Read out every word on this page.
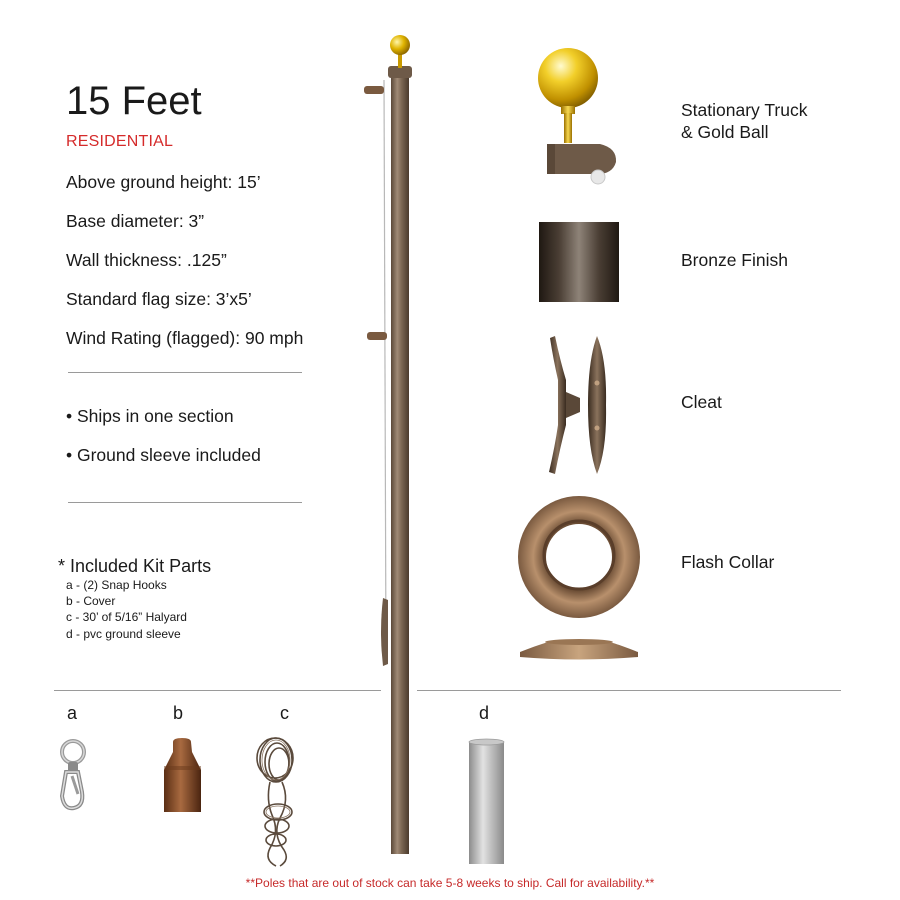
15 Feet
RESIDENTIAL
Above ground height: 15’
Base diameter: 3”
Wall thickness: .125”
Standard flag size: 3’x5’
Wind Rating (flagged): 90 mph
• Ships in one section
• Ground sleeve included
* Included Kit Parts
a - (2) Snap Hooks
b - Cover
c - 30’ of 5/16” Halyard
d - pvc ground sleeve
Stationary Truck
& Gold Ball
Bronze Finish
Cleat
Flash Collar
a	b	c	d
**Poles that are out of stock can take 5-8 weeks to ship. Call for availability.**
